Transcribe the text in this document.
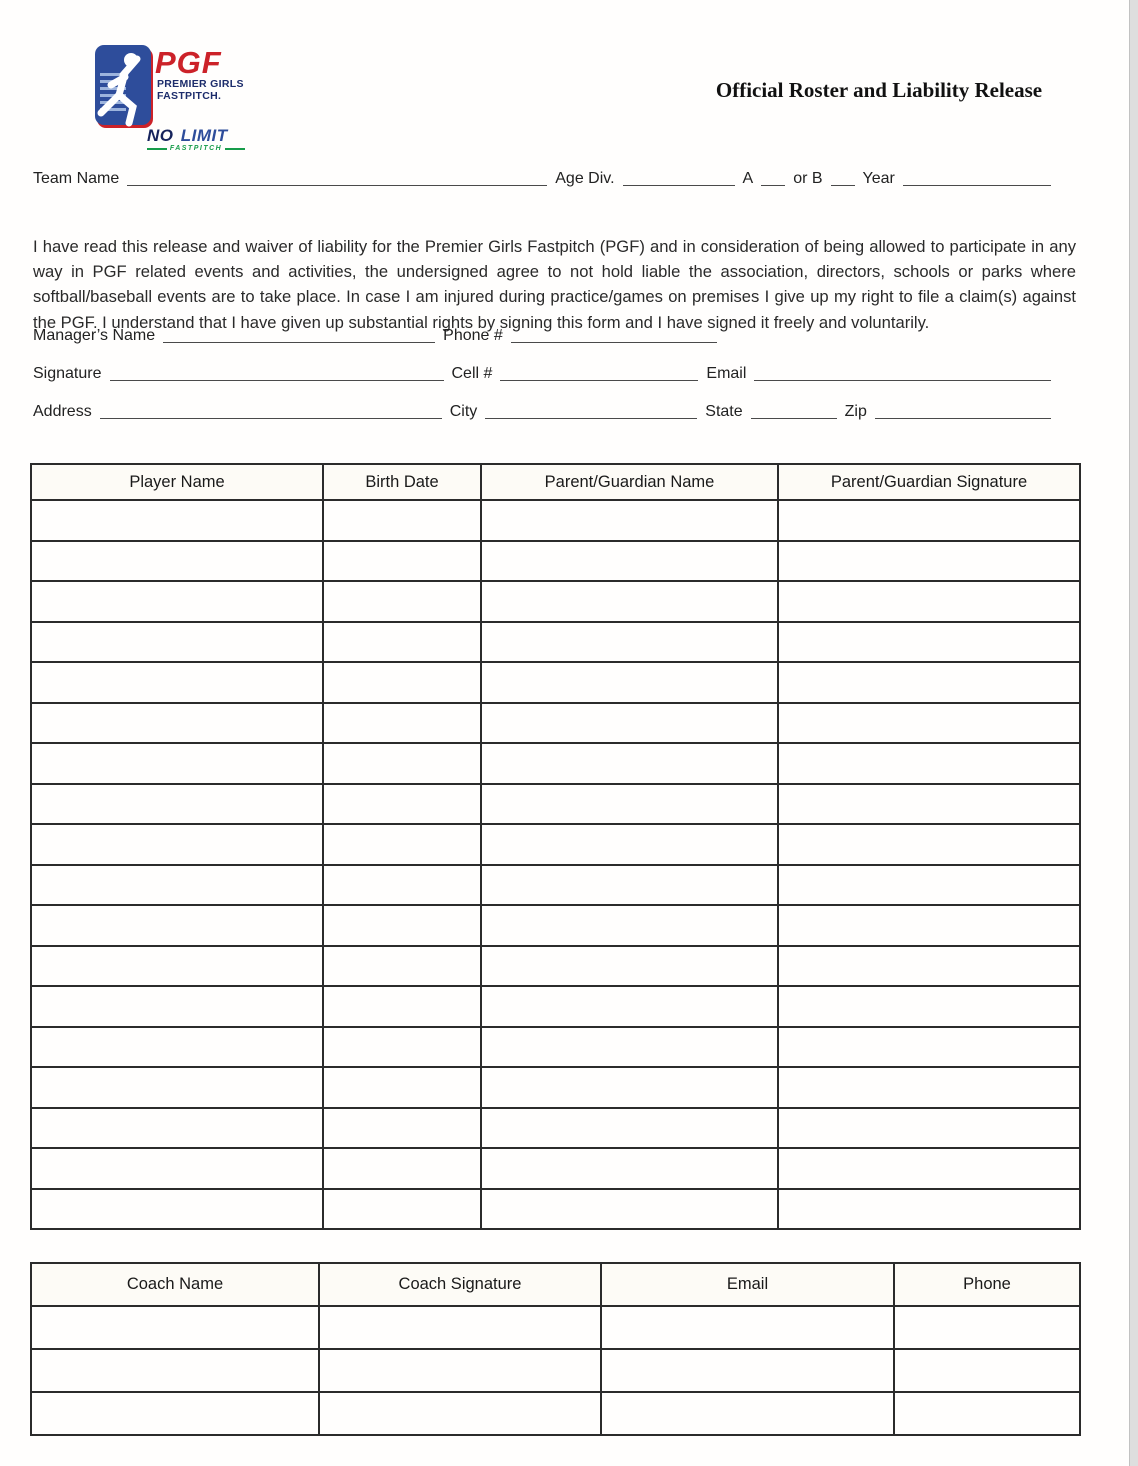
PGF
PREMIER GIRLS
FASTPITCH.
NO LIMIT
FASTPITCH
Official Roster and Liability Release
Team Name	Age Div.	A	or B	Year

I have read this release and waiver of liability for the Premier Girls Fastpitch (PGF) and in consideration of being allowed to participate in any way in PGF related events and activities, the undersigned agree to not hold liable the association, directors, schools or parks where softball/baseball events are to take place. In case I am injured during practice/games on premises I give up my right to file a claim(s) against the PGF. I understand that I have given up substantial rights by signing this form and I have signed it freely and voluntarily.

Manager’s Name	Phone #
Signature	Cell #	Email
Address	City	State	Zip
Player Name	Birth Date	Parent/Guardian Name	Parent/Guardian Signature

Coach Name	Coach Signature	Email	Phone
